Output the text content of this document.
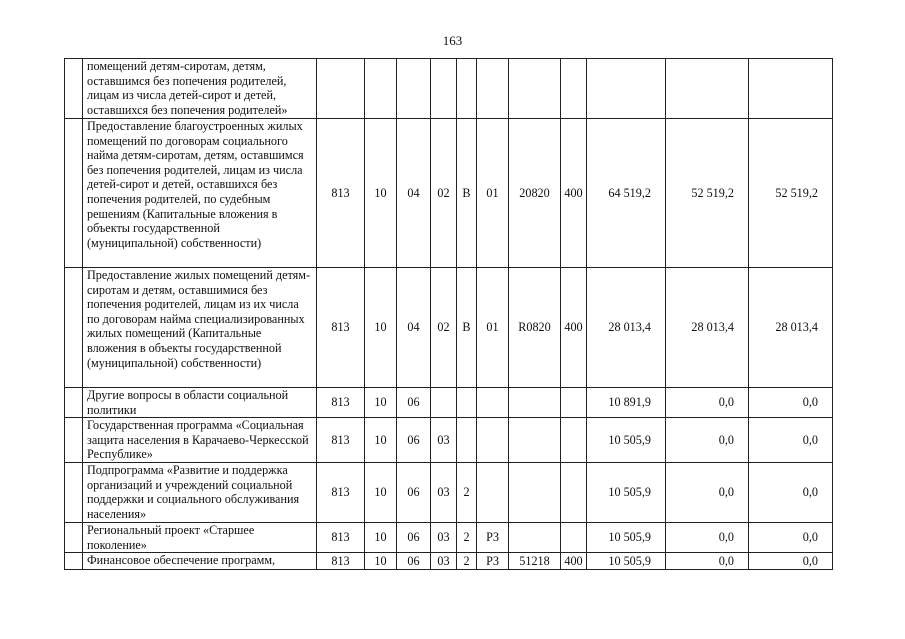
163
	помещений детям-сиротам, детям, оставшимся без попечения родителей, лицам из числа детей-сирот и детей, оставшихся без попечения родителей»											
	Предоставление благоустроенных жилых помещений по договорам социального найма детям-сиротам, детям, оставшимся без попечения родителей, лицам из числа детей-сирот и детей, оставшихся без попечения родителей, по судебным решениям (Капитальные вложения в объекты государственной (муниципальной) собственности)	813	10	04	02	В	01	20820	400	64 519,2	52 519,2	52 519,2
	Предоставление жилых помещений детям-сиротам и детям, оставшимися без попечения родителей, лицам из их числа по договорам найма специализированных жилых помещений (Капитальные вложения в объекты государственной (муниципальной) собственности)	813	10	04	02	В	01	R0820	400	28 013,4	28 013,4	28 013,4
	Другие вопросы в области социальной политики	813	10	06						10 891,9	0,0	0,0
	Государственная программа «Социальная защита населения в Карачаево-Черкесской Республике»	813	10	06	03					10 505,9	0,0	0,0
	Подпрограмма «Развитие и поддержка организаций и учреждений социальной поддержки и социального обслуживания населения»	813	10	06	03	2				10 505,9	0,0	0,0
	Региональный проект «Старшее поколение»	813	10	06	03	2	P3			10 505,9	0,0	0,0
	Финансовое обеспечение программ,	813	10	06	03	2	P3	51218	400	10 505,9	0,0	0,0
